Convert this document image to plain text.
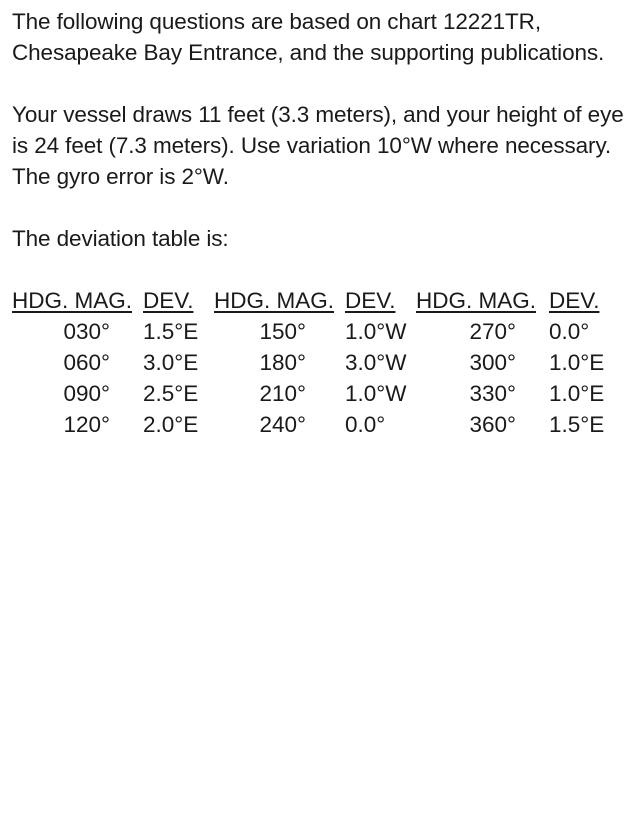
The following questions are based on chart 12221TR, Chesapeake Bay Entrance, and the supporting publications.

Your vessel draws 11 feet (3.3 meters), and your height of eye is 24 feet (7.3 meters). Use variation 10°W where necessary. The gyro error is 2°W.

The deviation table is:

HDG. MAG. DEV.
030° 1.5°E
060° 3.0°E
090° 2.5°E
120° 2.0°E
HDG. MAG. DEV.
150° 1.0°W
180° 3.0°W
210° 1.0°W
240° 0.0°
HDG. MAG. DEV.
270° 0.0°
300° 1.0°E
330° 1.0°E
360° 1.5°E
